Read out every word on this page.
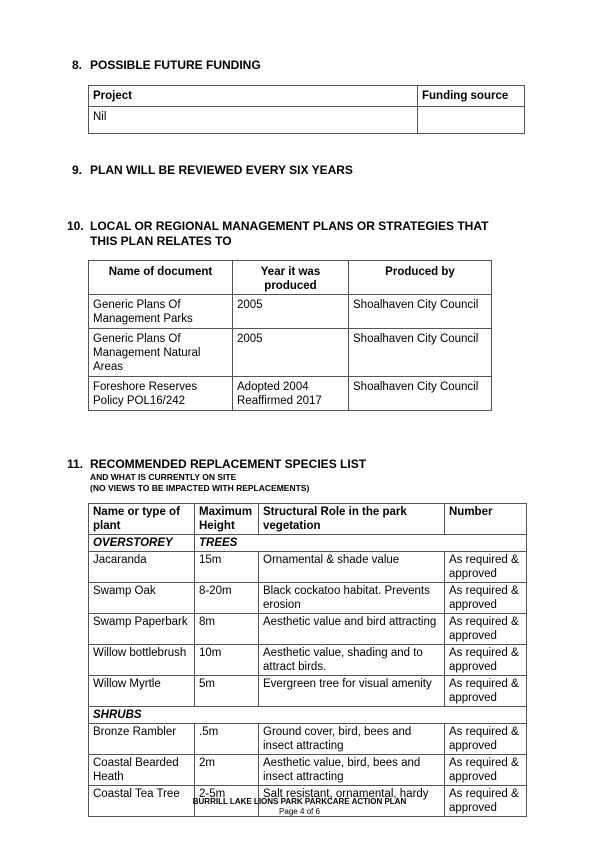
8. POSSIBLE FUTURE FUNDING
Project	Funding source
Nil	
9. PLAN WILL BE REVIEWED EVERY SIX YEARS
10. LOCAL OR REGIONAL MANAGEMENT PLANS OR STRATEGIES THAT
THIS PLAN RELATES TO
Name of document	Year it was produced	Produced by
Generic Plans Of Management Parks	2005	Shoalhaven City Council
Generic Plans Of Management Natural Areas	2005	Shoalhaven City Council
Foreshore Reserves Policy POL16/242	Adopted 2004 Reaffirmed 2017	Shoalhaven City Council
11. RECOMMENDED REPLACEMENT SPECIES LIST
AND WHAT IS CURRENTLY ON SITE
(NO VIEWS TO BE IMPACTED WITH REPLACEMENTS)
Name or type of plant	Maximum Height	Structural Role in the park vegetation	Number
OVERSTOREY	TREES		
Jacaranda	15m	Ornamental & shade value	As required & approved
Swamp Oak	8-20m	Black cockatoo habitat. Prevents erosion	As required & approved
Swamp Paperbark	8m	Aesthetic value and bird attracting	As required & approved
Willow bottlebrush	10m	Aesthetic value, shading and to attract birds.	As required & approved
Willow Myrtle	5m	Evergreen tree for visual amenity	As required & approved
SHRUBS			
Bronze Rambler	.5m	Ground cover, bird, bees and insect attracting	As required & approved
Coastal Bearded Heath	2m	Aesthetic value, bird, bees and insect attracting	As required & approved
Coastal Tea Tree	2-5m	Salt resistant, ornamental, hardy	As required & approved
BURRILL LAKE LIONS PARK PARKCARE ACTION PLAN
Page 4 of 6
